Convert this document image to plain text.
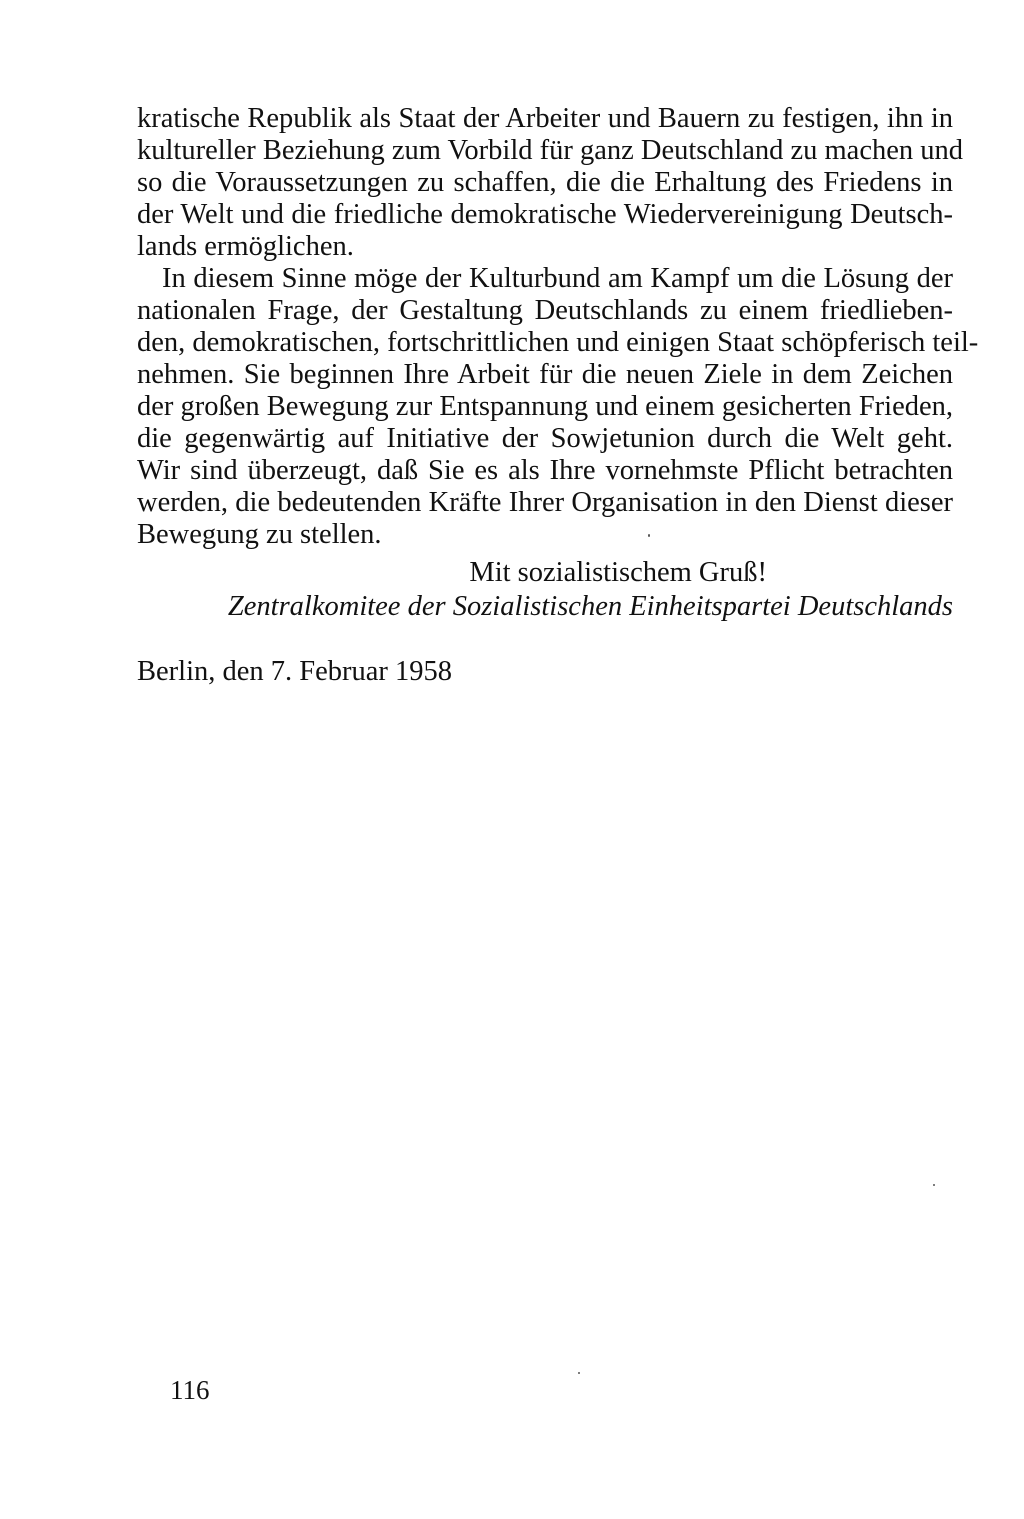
kratische Republik als Staat der Arbeiter und Bauern zu festigen, ihn in
kultureller Beziehung zum Vorbild für ganz Deutschland zu machen und
so die Voraussetzungen zu schaffen, die die Erhaltung des Friedens in
der Welt und die friedliche demokratische Wiedervereinigung Deutsch-
lands ermöglichen.
In diesem Sinne möge der Kulturbund am Kampf um die Lösung der
nationalen Frage, der Gestaltung Deutschlands zu einem friedlieben-
den, demokratischen, fortschrittlichen und einigen Staat schöpferisch teil-
nehmen. Sie beginnen Ihre Arbeit für die neuen Ziele in dem Zeichen
der großen Bewegung zur Entspannung und einem gesicherten Frieden,
die gegenwärtig auf Initiative der Sowjetunion durch die Welt geht.
Wir sind überzeugt, daß Sie es als Ihre vornehmste Pflicht betrachten
werden, die bedeutenden Kräfte Ihrer Organisation in den Dienst dieser
Bewegung zu stellen.
Mit sozialistischem Gruß!
Zentralkomitee der Sozialistischen Einheitspartei Deutschlands
Berlin, den 7. Februar 1958
116
